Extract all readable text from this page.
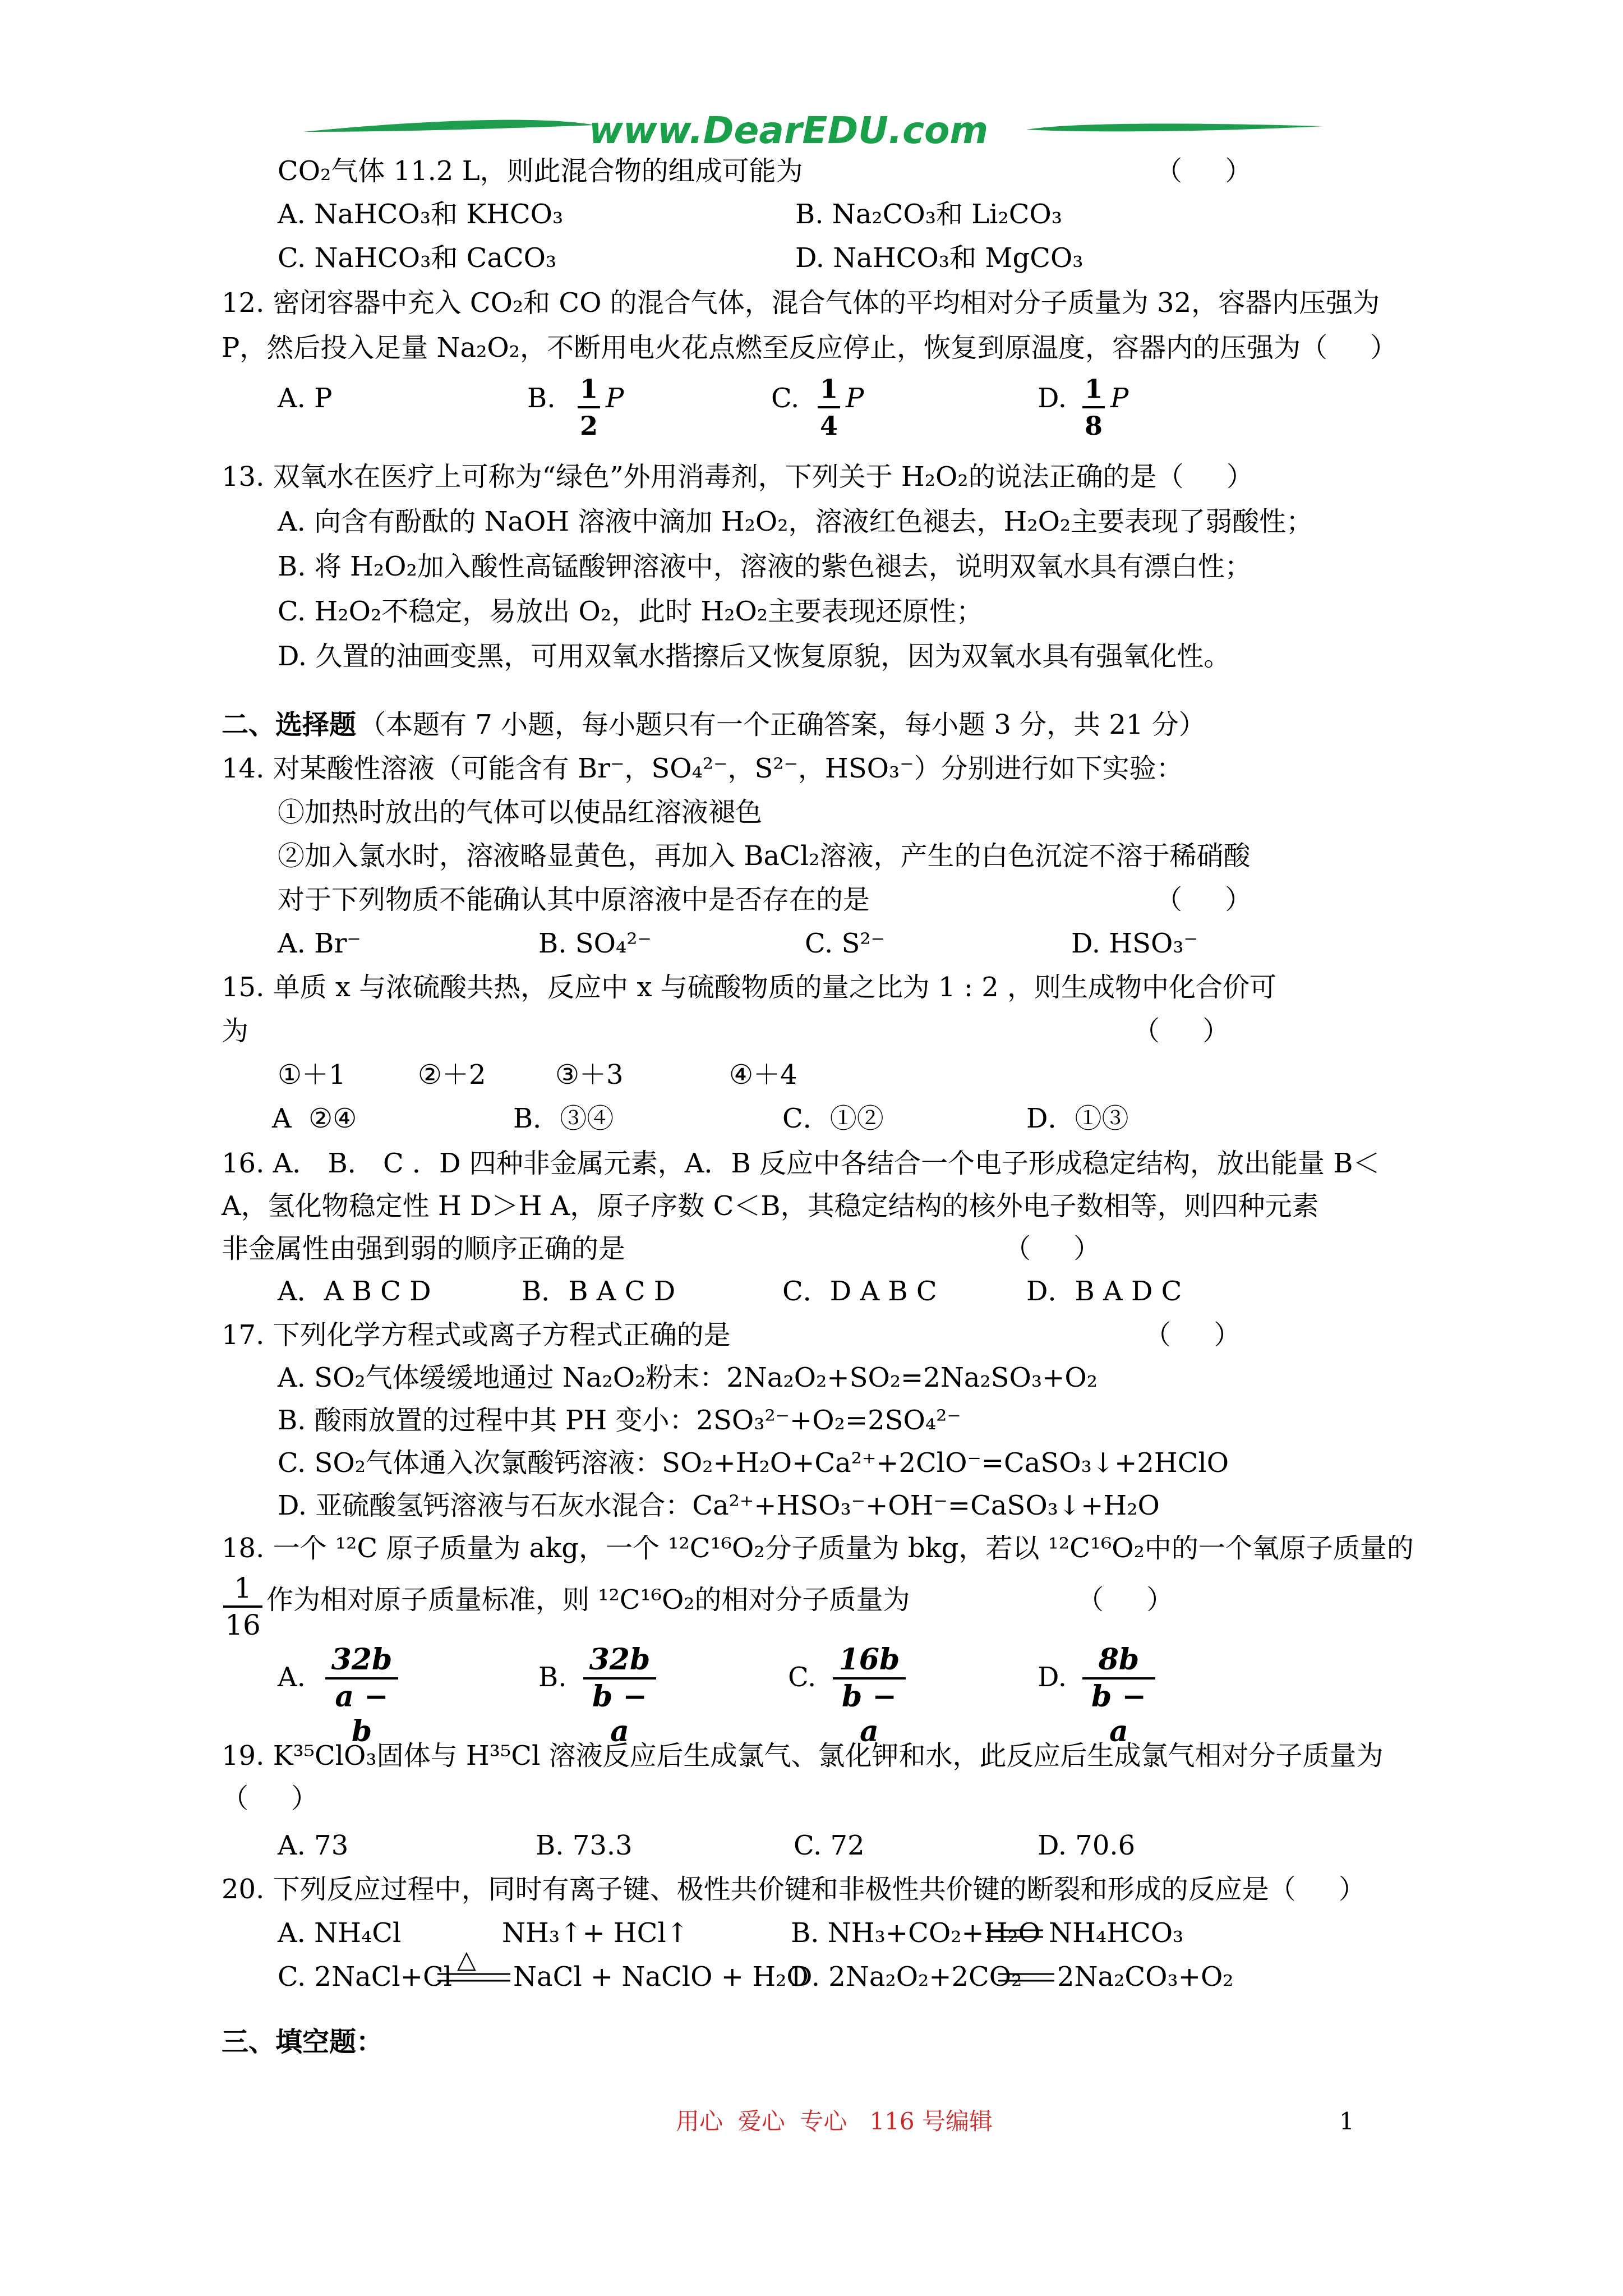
www.DearEDU.com
CO₂气体 11.2 L，则此混合物的组成可能为	（     ）
A. NaHCO₃和 KHCO₃	B. Na₂CO₃和 Li₂CO₃
C. NaHCO₃和 CaCO₃	D. NaHCO₃和 MgCO₃
12. 密闭容器中充入 CO₂和 CO 的混合气体，混合气体的平均相对分子质量为 32，容器内压强为
P，然后投入足量 Na₂O₂，不断用电火花点燃至反应停止，恢复到原温度，容器内的压强为（     ）
A. P	B. 1
2
P	C. 1
4
P	D. 1
8
P
13. 双氧水在医疗上可称为“绿色”外用消毒剂，下列关于 H₂O₂的说法正确的是（     ）
A. 向含有酚酞的 NaOH 溶液中滴加 H₂O₂，溶液红色褪去，H₂O₂主要表现了弱酸性；
B. 将 H₂O₂加入酸性高锰酸钾溶液中，溶液的紫色褪去，说明双氧水具有漂白性；
C. H₂O₂不稳定，易放出 O₂，此时 H₂O₂主要表现还原性；
D. 久置的油画变黑，可用双氧水揩擦后又恢复原貌，因为双氧水具有强氧化性。
二、选择题 （本题有 7 小题，每小题只有一个正确答案，每小题 3 分，共 21 分）
14. 对某酸性溶液（可能含有 Br⁻，SO₄²⁻，S²⁻，HSO₃⁻）分别进行如下实验：
①加热时放出的气体可以使品红溶液褪色
②加入氯水时，溶液略显黄色，再加入 BaCl₂溶液，产生的白色沉淀不溶于稀硝酸
对于下列物质不能确认其中原溶液中是否存在的是	（     ）
A. Br⁻	B. SO₄²⁻	C. S²⁻	D. HSO₃⁻
15. 单质 x 与浓硫酸共热，反应中 x 与硫酸物质的量之比为 1 : 2 ，则生成物中化合价可
为	（     ）
①＋1	②＋2	③＋3	④＋4
A  ②④	B．③④	C．①②	D．①③
16. A． B． C ．D 四种非金属元素，A．B 反应中各结合一个电子形成稳定结构，放出能量 B＜
A，氢化物稳定性 H D＞H A，原子序数 C＜B，其稳定结构的核外电子数相等，则四种元素
非金属性由强到弱的顺序正确的是	（     ）
A．A B C D	B．B A C D	C．D A B C	D．B A D C
17. 下列化学方程式或离子方程式正确的是	（     ）
A. SO₂气体缓缓地通过 Na₂O₂粉末：2Na₂O₂+SO₂=2Na₂SO₃+O₂
B. 酸雨放置的过程中其 PH 变小：2SO₃²⁻+O₂=2SO₄²⁻
C. SO₂气体通入次氯酸钙溶液：SO₂+H₂O+Ca²⁺+2ClO⁻=CaSO₃↓+2HClO
D. 亚硫酸氢钙溶液与石灰水混合：Ca²⁺+HSO₃⁻+OH⁻=CaSO₃↓+H₂O
18. 一个 ¹²C 原子质量为 akg，一个 ¹²C¹⁶O₂分子质量为 bkg，若以 ¹²C¹⁶O₂中的一个氧原子质量的
1
16
作为相对原子质量标准，则 ¹²C¹⁶O₂的相对分子质量为	（     ）
A.
32b
a − b
B.
32b
b − a
C.
16b
b − a
D.
8b
b − a
19. K³⁵ClO₃固体与 H³⁵Cl 溶液反应后生成氯气、氯化钾和水，此反应后生成氯气相对分子质量为
（     ）
A. 73	B. 73.3	C. 72	D. 70.6
20. 下列反应过程中，同时有离子键、极性共价键和非极性共价键的断裂和形成的反应是（     ）
A. NH₄Cl	NH₃↑+ HCl↑	B. NH₃+CO₂+H₂O NH₄HCO₃
C. 2NaCl+Cl
△
NaCl + NaClO + H₂O
D. 2Na₂O₂+2CO₂ 2Na₂CO₃+O₂
三、填空题：
用心  爱心  专心   116 号编辑	1
